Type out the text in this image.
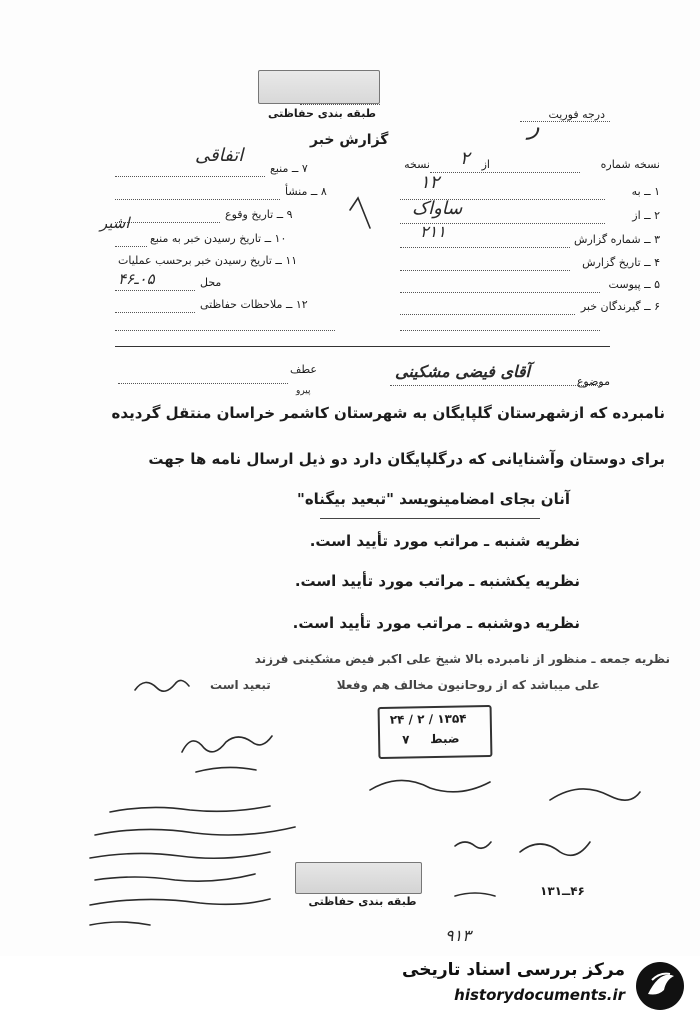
طبقه بندی حفاظتی	درجه فوریت
ر
گزارش خبر
نسخه شماره
از
نسخه ۲
۱ ــ به
۱۲
۲ ــ از
ساواک
۳ ــ شماره گزارش
۲۱۱
۴ ــ تاریخ گزارش
۵ ــ پیوست
۶ ــ گیرندگان خبر
۷ ــ منبع
اتفاقی
۸ ــ منشأ
۹ ــ تاریخ وقوع
۱۰ ــ تاریخ رسیدن خبر به منبع
اشیر
۱۱ ــ تاریخ رسیدن خبر برحسب عملیات
محل
۰۵ـ۴۶
۱۲ ــ ملاحظات حفاظتی
موضوع
آقای فیضی مشکینی
عطف
پیرو
نامبرده که ازشهرستان گلپایگان به شهرستان کاشمر خراسان منتقل گردیده
برای دوستان وآشنایانی که درگلپایگان دارد دو ذیل ارسال نامه ها جهت
آنان بجای امضامینویسد "تبعید بیگناه"
نظریه شنبه ـ مراتب مورد تأیید است.
نظریه یکشنبه ـ مراتب مورد تأیید است.
نظریه دوشنبه ـ مراتب مورد تأیید است.
نظریه جمعه ـ منظور از نامبرده بالا شیخ علی اکبر فیض مشکینی فرزند
علی میباشد که از روحانیون مخالف هم وفعلا
تبعید است
۱۳۵۴ / ۲ / ۲۴
ضبط
۷
طبقه بندی حفاظتی
۴۶ــ۱۳۱
۹۱۳
مرکز بررسی اسناد تاریخی
historydocuments.ir
